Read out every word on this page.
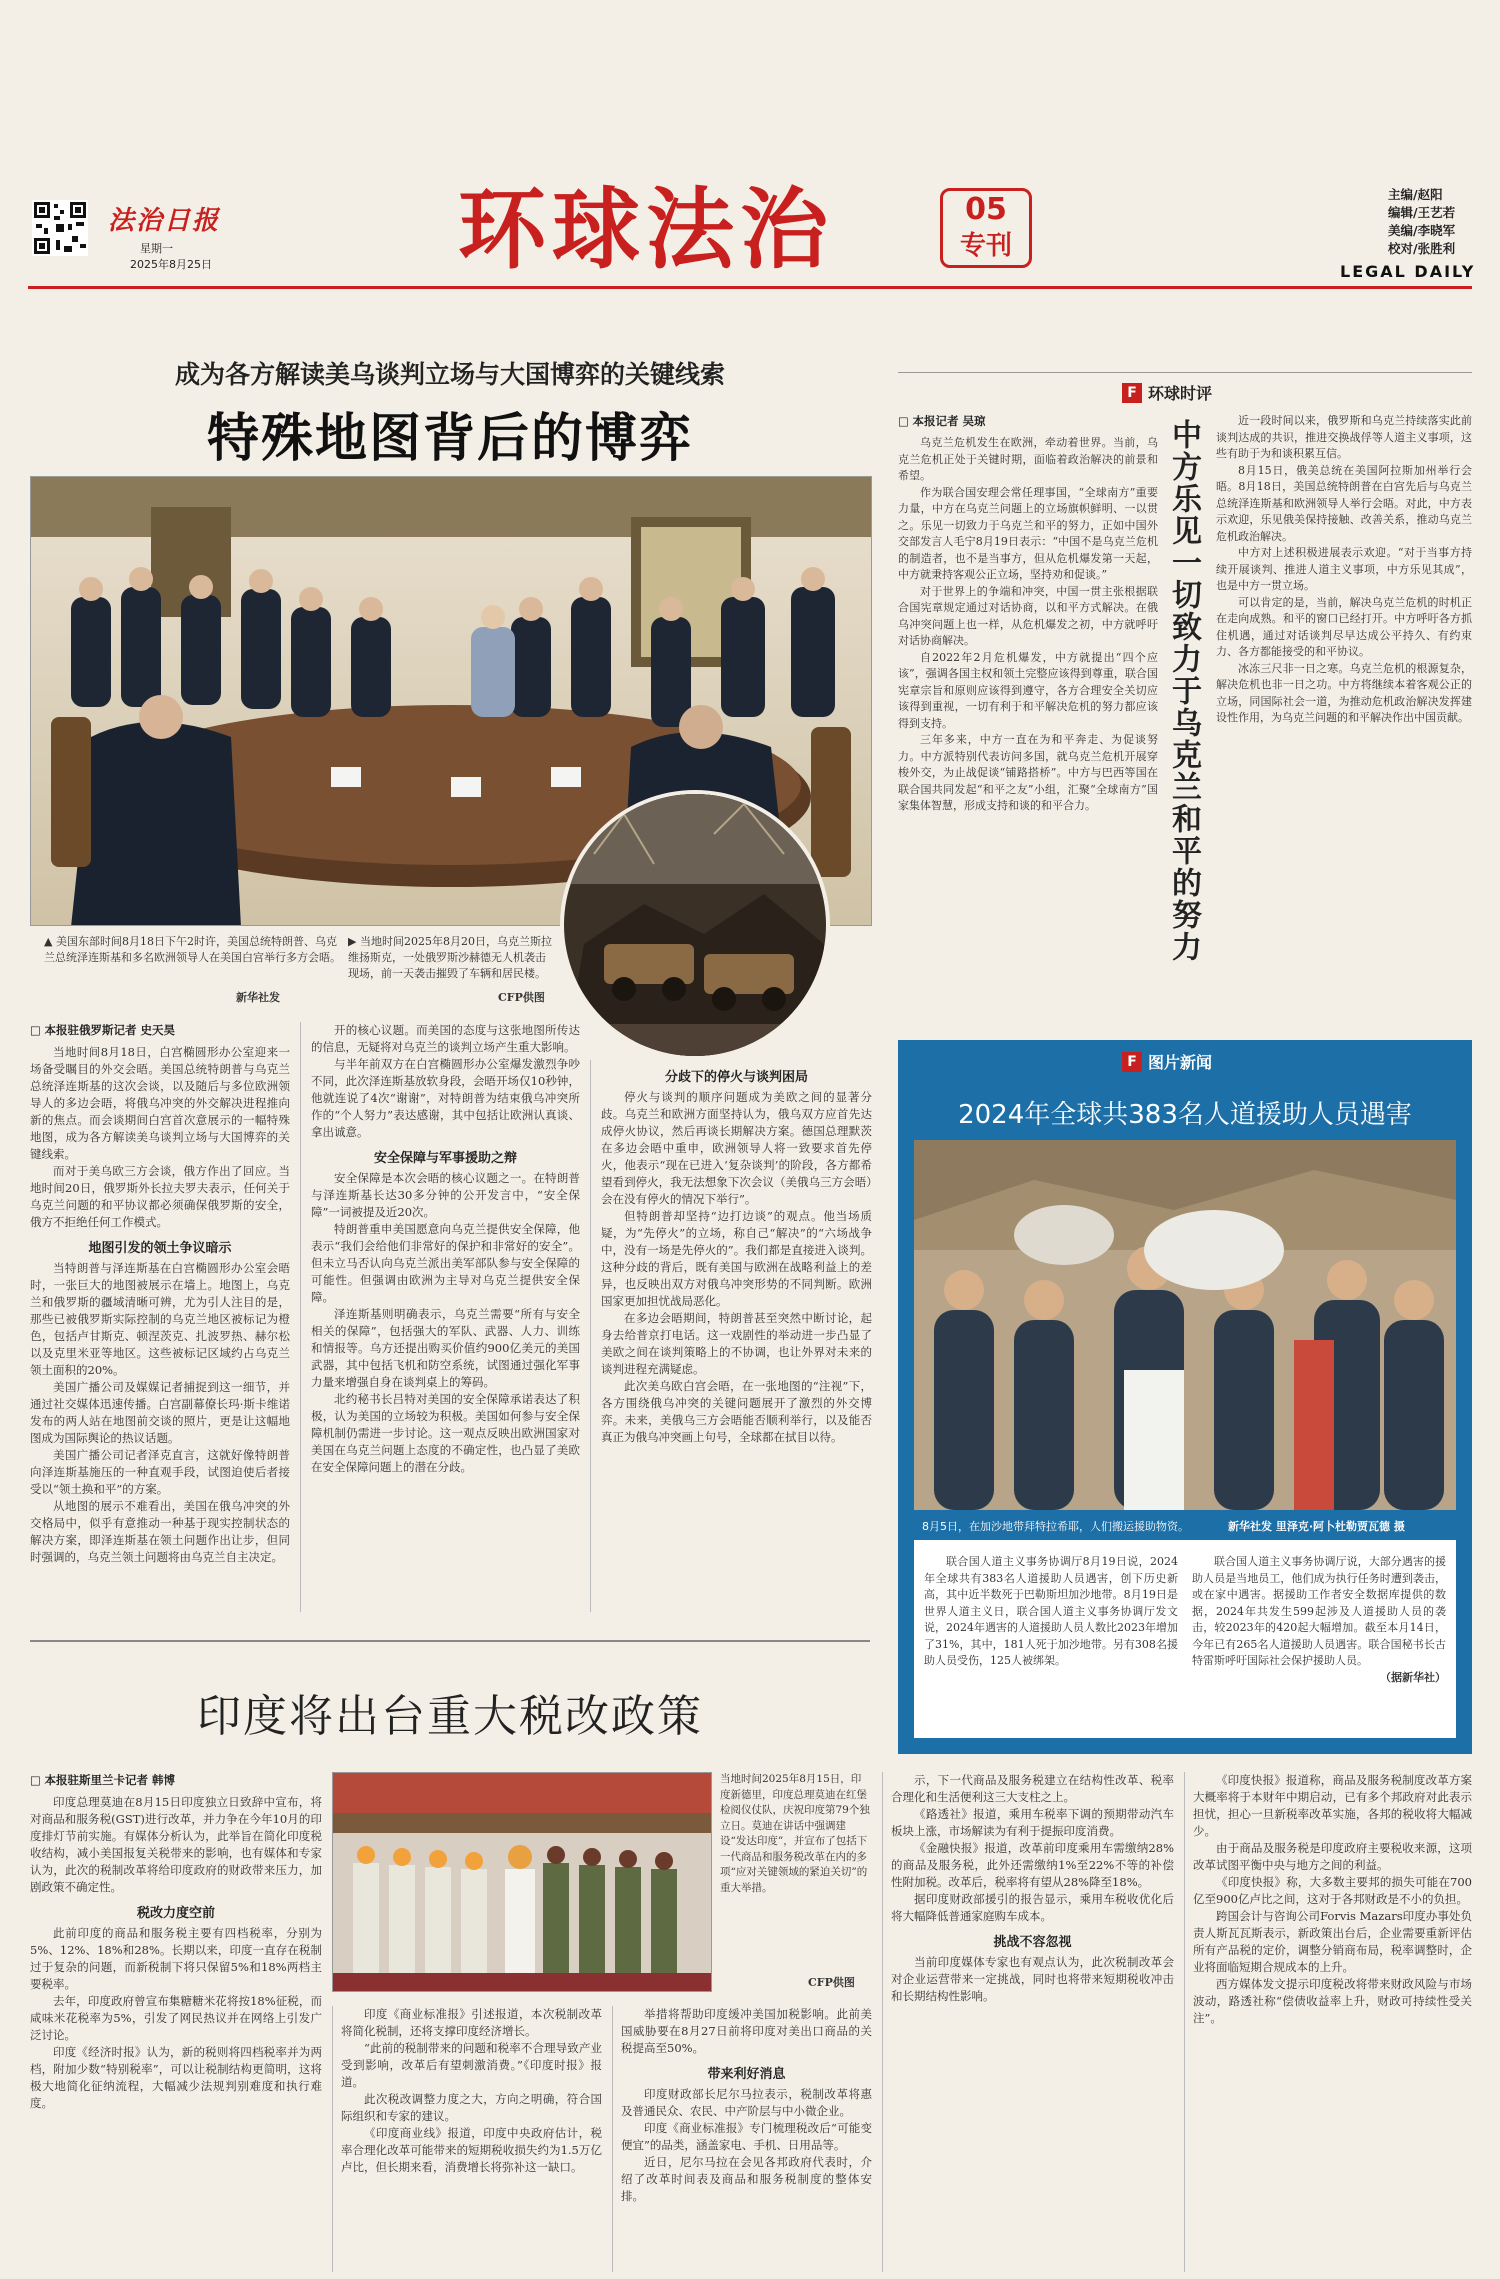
法治日报
星期一
2025年8月25日	环球法治	05
专刊
主编/赵阳
编辑/王艺若
美编/李晓军
校对/张胜利
LEGAL DAILY
成为各方解读美乌谈判立场与大国博弈的关键线索
特殊地图背后的博弈
▲ 美国东部时间8月18日下午2时许，美国总统特朗普、乌克兰总统泽连斯基和多名欧洲领导人在美国白宫举行多方会晤。
新华社发
▶ 当地时间2025年8月20日，乌克兰斯拉维扬斯克，一处俄罗斯沙赫德无人机袭击现场，前一天袭击摧毁了车辆和居民楼。
CFP供图
□ 本报驻俄罗斯记者 史天昊

当地时间8月18日，白宫椭圆形办公室迎来一场备受瞩目的外交会晤。美国总统特朗普与乌克兰总统泽连斯基的这次会谈，以及随后与多位欧洲领导人的多边会晤，将俄乌冲突的外交解决进程推向新的焦点。而会谈期间白宫首次意展示的一幅特殊地图，成为各方解读美乌谈判立场与大国博弈的关键线索。

而对于美乌欧三方会谈，俄方作出了回应。当地时间20日，俄罗斯外长拉夫罗夫表示，任何关于乌克兰问题的和平协议都必须确保俄罗斯的安全，俄方不拒绝任何工作模式。

地图引发的领土争议暗示

当特朗普与泽连斯基在白宫椭圆形办公室会晤时，一张巨大的地图被展示在墙上。地图上，乌克兰和俄罗斯的疆域清晰可辨，尤为引人注目的是，那些已被俄罗斯实际控制的乌克兰地区被标记为橙色，包括卢甘斯克、顿涅茨克、扎波罗热、赫尔松以及克里米亚等地区。这些被标记区域约占乌克兰领土面积的20%。

美国广播公司及媒媒记者捕捉到这一细节，并通过社交媒体迅速传播。白宫副幕僚长玛·斯卡维诺发布的两人站在地图前交谈的照片，更是让这幅地图成为国际舆论的热议话题。

美国广播公司记者泽克直言，这就好像特朗普向泽连斯基施压的一种直观手段，试图迫使后者接受以“领土换和平”的方案。

从地图的展示不难看出，美国在俄乌冲突的外交格局中，似乎有意推动一种基于现实控制状态的解决方案，即泽连斯基在领土问题作出让步，但同时强调的，乌克兰领土问题将由乌克兰自主决定。

开的核心议题。而美国的态度与这张地图所传达的信息，无疑将对乌克兰的谈判立场产生重大影响。

与半年前双方在白宫椭圆形办公室爆发激烈争吵不同，此次泽连斯基放软身段，会晤开场仅10秒钟，他就连说了4次“谢谢”，对特朗普为结束俄乌冲突所作的“个人努力”表达感谢，其中包括让欧洲认真谈、拿出诚意。

安全保障与军事援助之辩

安全保障是本次会晤的核心议题之一。在特朗普与泽连斯基长达30多分钟的公开发言中，“安全保障”一词被提及近20次。

特朗普重申美国愿意向乌克兰提供安全保障，他表示“我们会给他们非常好的保护和非常好的安全”。但未立马否认向乌克兰派出美军部队参与安全保障的可能性。但强调由欧洲为主导对乌克兰提供安全保障。

泽连斯基则明确表示，乌克兰需要“所有与安全相关的保障”，包括强大的军队、武器、人力、训练和情报等。乌方还提出购买价值约900亿美元的美国武器，其中包括飞机和防空系统，试图通过强化军事力量来增强自身在谈判桌上的筹码。

北约秘书长吕特对美国的安全保障承诺表达了积极，认为美国的立场较为积极。美国如何参与安全保障机制仍需进一步讨论。这一观点反映出欧洲国家对美国在乌克兰问题上态度的不确定性，也凸显了美欧在安全保障问题上的潜在分歧。

分歧下的停火与谈判困局

停火与谈判的顺序问题成为美欧之间的显著分歧。乌克兰和欧洲方面坚持认为，俄乌双方应首先达成停火协议，然后再谈长期解决方案。德国总理默茨在多边会晤中重申，欧洲领导人将一致要求首先停火，他表示“现在已进入‘复杂谈判’的阶段，各方都希望看到停火，我无法想象下次会议（美俄乌三方会晤）会在没有停火的情况下举行”。

但特朗普却坚持“边打边谈”的观点。他当场质疑，为“先停火”的立场，称自己“解决”的“六场战争中，没有一场是先停火的”。我们都是直接进入谈判。这种分歧的背后，既有美国与欧洲在战略利益上的差异，也反映出双方对俄乌冲突形势的不同判断。欧洲国家更加担忧战局恶化。

在多边会晤期间，特朗普甚至突然中断讨论，起身去给普京打电话。这一戏剧性的举动进一步凸显了美欧之间在谈判策略上的不协调，也让外界对未来的谈判进程充满疑虑。

此次美乌欧白宫会晤，在一张地图的“注视”下，各方围绕俄乌冲突的关键问题展开了激烈的外交博弈。未来，美俄乌三方会晤能否顺利举行，以及能否真正为俄乌冲突画上句号，全球都在拭目以待。

F 环球时评
□ 本报记者 吴琼

乌克兰危机发生在欧洲，牵动着世界。当前，乌克兰危机正处于关键时期，面临着政治解决的前景和希望。

作为联合国安理会常任理事国，“全球南方”重要力量，中方在乌克兰问题上的立场旗帜鲜明、一以贯之。乐见一切致力于乌克兰和平的努力，正如中国外交部发言人毛宁8月19日表示：“中国不是乌克兰危机的制造者，也不是当事方，但从危机爆发第一天起，中方就秉持客观公正立场，坚持劝和促谈。”

对于世界上的争端和冲突，中国一贯主张根据联合国宪章规定通过对话协商，以和平方式解决。在俄乌冲突问题上也一样，从危机爆发之初，中方就呼吁对话协商解决。

自2022年2月危机爆发，中方就提出“四个应该”，强调各国主权和领土完整应该得到尊重，联合国宪章宗旨和原则应该得到遵守，各方合理安全关切应该得到重视，一切有利于和平解决危机的努力都应该得到支持。

三年多来，中方一直在为和平奔走、为促谈努力。中方派特别代表访问多国，就乌克兰危机开展穿梭外交，为止战促谈“铺路搭桥”。中方与巴西等国在联合国共同发起“和平之友”小组，汇聚“全球南方”国家集体智慧，形成支持和谈的和平合力。	中方乐见一切致力于乌克兰和平的努力	近一段时间以来，俄罗斯和乌克兰持续落实此前谈判达成的共识，推进交换战俘等人道主义事项，这些有助于为和谈积累互信。

8月15日，俄美总统在美国阿拉斯加州举行会晤。8月18日，美国总统特朗普在白宫先后与乌克兰总统泽连斯基和欧洲领导人举行会晤。对此，中方表示欢迎，乐见俄美保持接触、改善关系，推动乌克兰危机政治解决。

中方对上述积极进展表示欢迎。“对于当事方持续开展谈判、推进人道主义事项，中方乐见其成”，也是中方一贯立场。

可以肯定的是，当前，解决乌克兰危机的时机正在走向成熟。和平的窗口已经打开。中方呼吁各方抓住机遇，通过对话谈判尽早达成公平持久、有约束力、各方都能接受的和平协议。

冰冻三尺非一日之寒。乌克兰危机的根源复杂，解决危机也非一日之功。中方将继续本着客观公正的立场，同国际社会一道，为推动危机政治解决发挥建设性作用，为乌克兰问题的和平解决作出中国贡献。

F 图片新闻
2024年全球共383名人道援助人员遇害
8月5日，在加沙地带拜特拉希耶，人们搬运援助物资。	新华社发 里泽克·阿卜杜勒贾瓦德 摄

联合国人道主义事务协调厅8月19日说，2024年全球共有383名人道援助人员遇害，创下历史新高，其中近半数死于巴勒斯坦加沙地带。8月19日是世界人道主义日，联合国人道主义事务协调厅发文说，2024年遇害的人道援助人员人数比2023年增加了31%，其中，181人死于加沙地带。另有308名援助人员受伤，125人被绑架。

联合国人道主义事务协调厅说，大部分遇害的援助人员是当地员工，他们成为执行任务时遭到袭击，或在家中遇害。据援助工作者安全数据库提供的数据，2024年共发生599起涉及人道援助人员的袭击，较2023年的420起大幅增加。截至本月14日，今年已有265名人道援助人员遇害。联合国秘书长古特雷斯呼吁国际社会保护援助人员。

（据新华社）
印度将出台重大税改政策
□ 本报驻斯里兰卡记者 韩博

印度总理莫迪在8月15日印度独立日致辞中宣布，将对商品和服务税(GST)进行改革，并力争在今年10月的印度排灯节前实施。有媒体分析认为，此举旨在简化印度税收结构，减小美国报复关税带来的影响，也有媒体和专家认为，此次的税制改革将给印度政府的财政带来压力，加剧政策不确定性。

税改力度空前

此前印度的商品和服务税主要有四档税率，分别为5%、12%、18%和28%。长期以来，印度一直存在税制过于复杂的问题，而新税制下将只保留5%和18%两档主要税率。

去年，印度政府曾宣布集糖糖米花将按18%征税，而咸味米花税率为5%，引发了网民热议并在网络上引发广泛讨论。

印度《经济时报》认为，新的税则将四档税率并为两档，附加少数“特别税率”，可以让税制结构更简明，这将极大地简化征纳流程，大幅减少法规判别难度和执行难度。

当地时间2025年8月15日，印度新德里，印度总理莫迪在红堡检阅仪仗队，庆祝印度第79个独立日。莫迪在讲话中强调建设“发达印度”，并宣布了包括下一代商品和服务税改革在内的多项“应对关键领域的紧迫关切”的重大举措。
CFP供图

印度《商业标准报》引述报道，本次税制改革将简化税制，还将支撑印度经济增长。

“此前的税制带来的问题和税率不合理导致产业受到影响，改革后有望刺激消费。”《印度时报》报道。

此次税改调整力度之大，方向之明确，符合国际组织和专家的建议。

《印度商业线》报道，印度中央政府估计，税率合理化改革可能带来的短期税收损失约为1.5万亿卢比，但长期来看，消费增长将弥补这一缺口。

举措将帮助印度缓冲美国加税影响。此前美国威胁要在8月27日前将印度对美出口商品的关税提高至50%。

带来利好消息

印度财政部长尼尔马拉表示，税制改革将惠及普通民众、农民、中产阶层与中小微企业。

印度《商业标准报》专门梳理税改后“可能变便宜”的品类，涵盖家电、手机、日用品等。

近日，尼尔马拉在会见各邦政府代表时，介绍了改革时间表及商品和服务税制度的整体安排。

示，下一代商品及服务税建立在结构性改革、税率合理化和生活便利这三大支柱之上。

《路透社》报道，乘用车税率下调的预期带动汽车板块上涨，市场解读为有利于提振印度消费。

《金融快报》报道，改革前印度乘用车需缴纳28%的商品及服务税，此外还需缴纳1%至22%不等的补偿性附加税。改革后，税率将有望从28%降至18%。

据印度财政部援引的报告显示，乘用车税收优化后将大幅降低普通家庭购车成本。

挑战不容忽视

当前印度媒体专家也有观点认为，此次税制改革会对企业运营带来一定挑战，同时也将带来短期税收冲击和长期结构性影响。

《印度快报》报道称，商品及服务税制度改革方案大概率将于本财年中期启动，已有多个邦政府对此表示担忧，担心一旦新税率改革实施，各邦的税收将大幅减少。

由于商品及服务税是印度政府主要税收来源，这项改革试图平衡中央与地方之间的利益。

《印度快报》称，大多数主要邦的损失可能在700亿至900亿卢比之间，这对于各邦财政是不小的负担。

跨国会计与咨询公司Forvis Mazars印度办事处负责人斯瓦瓦斯表示，新政策出台后，企业需要重新评估所有产品税的定价，调整分销商布局，税率调整时，企业将面临短期合规成本的上升。

西方媒体发文提示印度税改将带来财政风险与市场波动，路透社称“偿债收益率上升，财政可持续性受关注”。
